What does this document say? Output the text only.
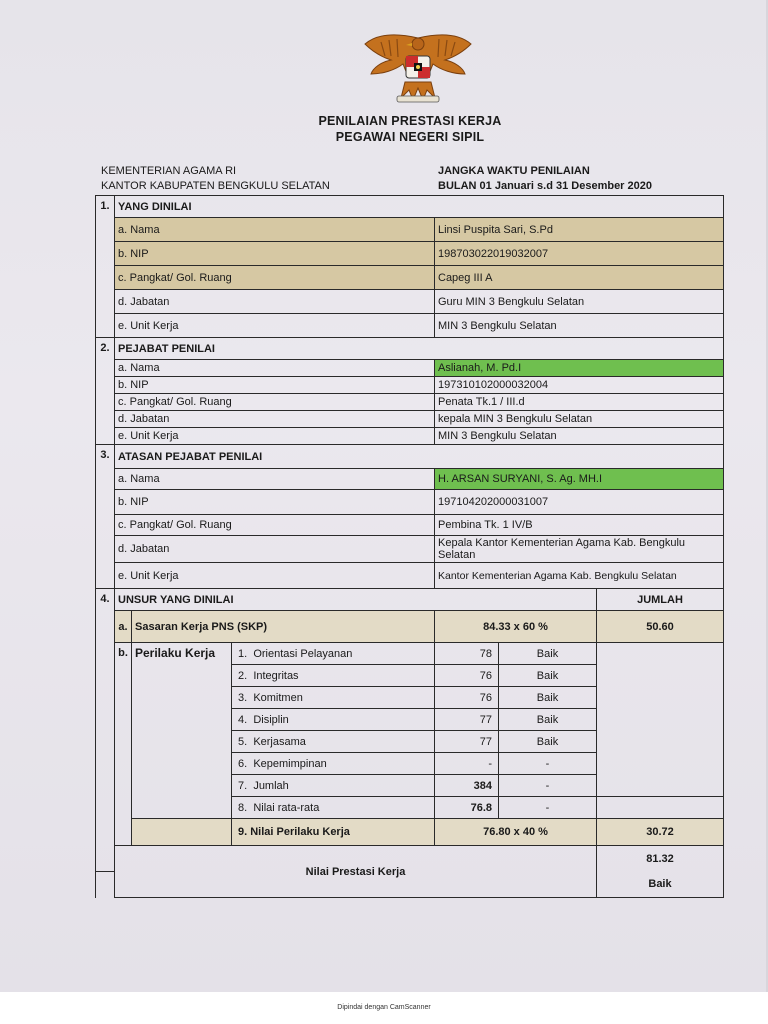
PENILAIAN PRESTASI KERJA
PEGAWAI NEGERI SIPIL
KEMENTERIAN AGAMA RI
KANTOR KABUPATEN BENGKULU SELATAN
JANGKA WAKTU PENILAIAN
BULAN 01 Januari s.d 31 Desember 2020
1.	YANG DINILAI					
	a. Nama			Linsi Puspita Sari, S.Pd		
	b. NIP			198703022019032007		
	c. Pangkat/ Gol. Ruang			Capeg III A		
	d. Jabatan			Guru MIN 3 Bengkulu Selatan		
	e. Unit Kerja			MIN 3 Bengkulu Selatan		
2.	PEJABAT PENILAI					
	a. Nama			Aslianah, M. Pd.I		
	b. NIP			197310102000032004		
	c. Pangkat/ Gol. Ruang			Penata Tk.1 / III.d		
	d. Jabatan			kepala MIN 3 Bengkulu Selatan		
	e. Unit Kerja			MIN 3 Bengkulu Selatan		
3.	ATASAN PEJABAT PENILAI					
	a. Nama			H. ARSAN SURYANI, S. Ag. MH.I		
	b. NIP			197104202000031007		
	c. Pangkat/ Gol. Ruang			Pembina Tk. 1 IV/B		
	d. Jabatan			Kepala Kantor Kementerian Agama Kab. Bengkulu Selatan		
	e. Unit Kerja			Kantor Kementerian Agama Kab. Bengkulu Selatan		
4.	UNSUR YANG DINILAI					JUMLAH
	a.	Sasaran Kerja PNS (SKP)		84.33 x 60 %		50.60
	b.	Perilaku Kerja	1. Orientasi Pelayanan	78	Baik	
			2. Integritas	76	Baik	
			3. Komitmen	76	Baik	
			4. Disiplin	77	Baik	
			5. Kerjasama	77	Baik	
			6. Kepemimpinan	-	-	
			7. Jumlah	384	-	
			8. Nilai rata-rata	76.8	-	
			9. Nilai Perilaku Kerja	76.80 x 40 %		30.72
	Nilai Prestasi Kerja					81.32
						Baik
Dipindai dengan CamScanner
